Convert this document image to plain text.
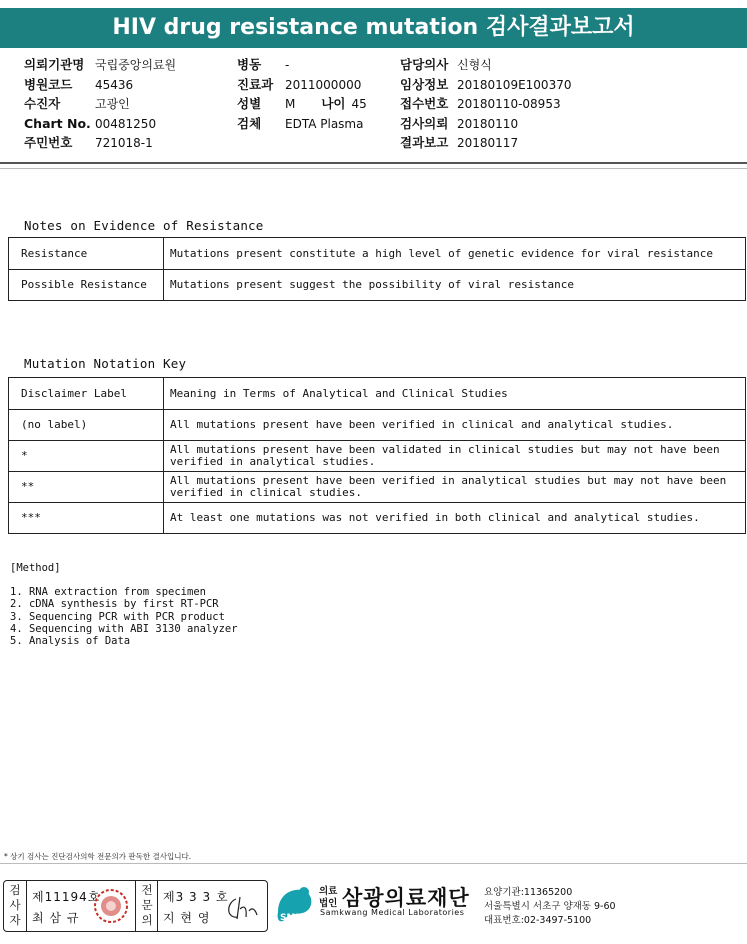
HIV drug resistance mutation 검사결과보고서
의뢰기관명 국립중앙의료원
병원코드 45436
수진자	고광인
Chart No. 00481250
주민번호 721018-1
병동 -
진료과 2011000000
성별 M 나이 45
검체 EDTA Plasma
담당의사 신형식
임상정보 20180109E100370
접수번호 20180110-08953
검사의뢰 20180110
결과보고 20180117
Notes on Evidence of Resistance
Resistance	Mutations present constitute a high level of genetic evidence for viral resistance
Possible Resistance	Mutations present suggest the possibility of viral resistance
Mutation Notation Key
Disclaimer Label	Meaning in Terms of Analytical and Clinical Studies
(no label)	All mutations present have been verified in clinical and analytical studies.
*	All mutations present have been validated in clinical studies but may not have been verified in analytical studies.
**	All mutations present have been verified in analytical studies but may not have been verified in clinical studies.
***	At least one mutations was not verified in both clinical and analytical studies.
[Method]
1. RNA extraction from specimen
2. cDNA synthesis by first RT-PCR
3. Sequencing PCR with PCR product
4. Sequencing with ABI 3130 analyzer
5. Analysis of Data
* 상기 검사는 진단검사의학 전문의가 판독한 결사입니다.
검
사
자
제11194호
최 삼 규
전
문
의
제3 3 3 호
지 현 영	SML
의료
법인 삼광의료재단
Samkwang Medical Laboratories
요양기관:11365200
서울특별시 서초구 양재동 9-60
대표번호:02-3497-5100
